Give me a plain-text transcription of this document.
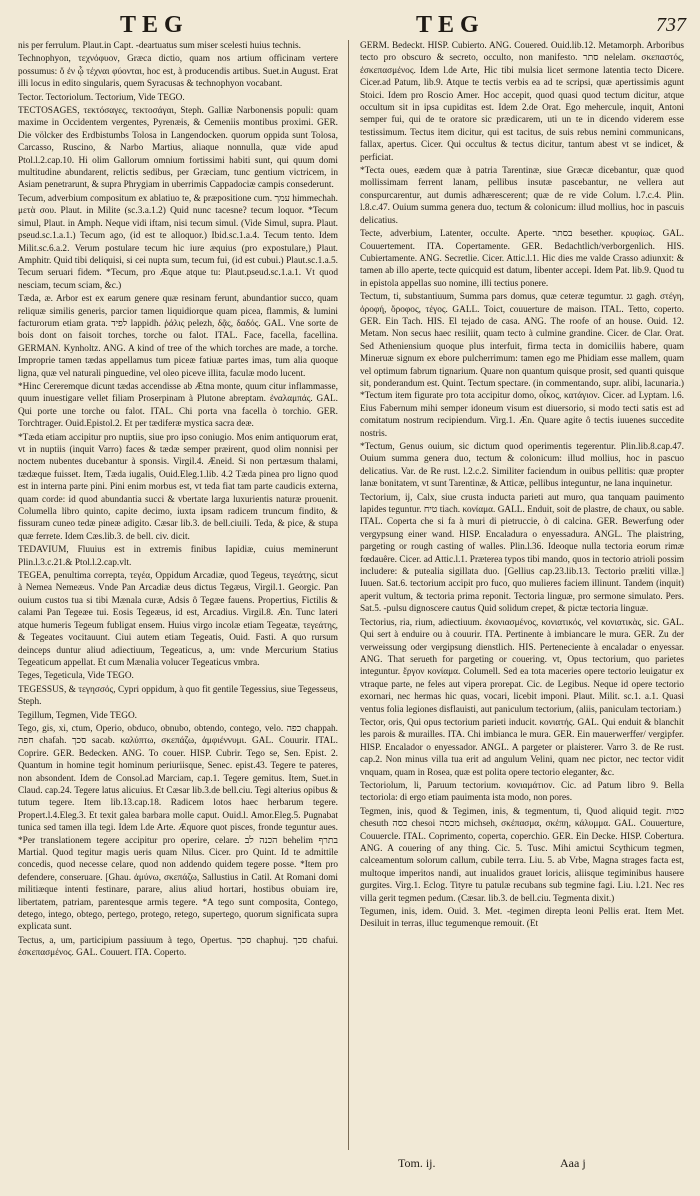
TEG	TEG	737

nis per ferrulum. Plaut.in Capt. -deartuatus sum miser scelesti huius technis.

Technophyon, τεχνόφυον, Græca dictio, quam nos artium officinam vertere possumus: ὅ ἐν ᾧ τέχναι φύονται, hoc est, à producendis artibus. Suet.in August. Erat illi locus in edito singularis, quem Syracusas & technophyon vocabant.

Tector. Tectoriolum. Tectorium, Vide TEGO.

TECTOSAGES, τεκτόσαγες, τεκτοσάγαι, Steph. Galliæ Narbonensis populi: quam maxime in Occidentem vergentes, Pyrenæis, & Cemeniis montibus proximi. GER. Die völcker des Erdbistumbs Tolosa in Langendocken. quorum oppida sunt Tolosa, Carcasso, Ruscino, & Narbo Martius, aliaque nonnulla, quæ vide apud Ptol.l.2.cap.10. Hi olim Gallorum omnium fortissimi habiti sunt, qui quum domi multitudine abundarent, relictis sedibus, per Græciam, tunc gentium victricem, in Asiam penetrarunt, & supra Phrygiam in uberrimis Cappadociæ campis consederunt.

Tecum, adverbium compositum ex ablatiuo te, & præpositione cum. עמך himmechah. μετὰ σου. Plaut. in Milite (sc.3.a.1.2) Quid nunc tacesne? tecum loquor. *Tecum simul, Plaut. in Amph. Neque vidi iftam, nisi tecum simul. (Vide Simul, supra. Plaut. pseud.sc.1.a.1.) Tecum ago, (id est te alloquor.) Ibid.sc.1.a.4. Tecum tento. Idem Milit.sc.6.a.2. Verum postulare tecum hic iure æquius (pro expostulare,) Plaut. Amphitr. Quid tibi deliquisi, si cei nupta sum, tecum fui, (id est cubui.) Plaut.sc.1.a.5. Tecum seruari fidem. *Tecum, pro Æque atque tu: Plaut.pseud.sc.1.a.1. Vt quod nesciam, tecum sciam, &c.)

Tæda, æ. Arbor est ex earum genere quæ resinam ferunt, abundantior succo, quam reliquæ similis generis, parcior tamen liquidiorque quam picea, flammis, & lumini facturorum etiam grata. לפיד lappidh. ῥάλις pelezh, δᾷς, δαδός. GAL. Vne sorte de bois dont on faisoit torches, torche ou falot. ITAL. Face, facella, facellina. GERMAN. Kynholtz. ANG. A kind of tree of the which torches are made, a torche. Improprie tamen tædas appellamus tum piceæ fatiuæ partes imas, tum alia quoque ligna, quæ vel naturali pinguedine, vel oleo piceve illita, faculæ modo lucent.

*Hinc Cereremque dicunt tædas accendisse ab Ætna monte, quum citur inflammasse, quum inuestigare vellet filiam Proserpinam à Plutone abreptam. ἐναλαμπάς. GAL. Qui porte une torche ou falot. ITAL. Chi porta vna facella ò torchio. GER. Torchtrager. Ouid.Epistol.2. Et per tædiferæ mystica sacra deæ.

*Tæda etiam accipitur pro nuptiis, siue pro ipso coniugio. Mos enim antiquorum erat, vt in nuptiis (inquit Varro) faces & tædæ semper præirent, quod olim nonnisi per noctem nubentes ducebantur à sponsis. Virgil.4. Æneid. Si non pertæsum thalami, tædæque fuisset. Item, Tæda iugalis, Ouid.Eleg.1.lib. 4.2 Tæda pinea pro ligno quod est in interna parte pini. Pini enim morbus est, vt teda fiat tam parte caudicis externa, quam corde: id quod abundantia succi & vbertate larga luxurientis naturæ prouenit. Columella libro quinto, capite decimo, iuxta ipsam radicem truncum findito, & fissuram cuneo tedæ pineæ adigito. Cæsar lib.3. de bell.ciuili. Teda, & pice, & stupa quæ ferrete. Idem Cæs.lib.3. de bell. civ. dicit.

TEDAVIUM, Fluuius est in extremis finibus Iapidiæ, cuius meminerunt Plin.l.3.c.21.& Ptol.l.2.cap.vlt.

TEGEA, penultima correpta, τεγέα, Oppidum Arcadiæ, quod Tegeus, τεγεάτης, sicut à Nemea Nemeæus. Vnde Pan Arcadiæ deus dictus Tegæus, Virgil.1. Georgic. Pan ouium custos tua si tibi Mænala curæ, Adsis ô Tegæe fauens. Propertius, Fictilis & calami Pan Tegeæe tui. Eosis Tegeæus, id est, Arcadius. Virgil.8. Æn. Tunc lateri atque humeris Tegeum fubligat ensem. Huius virgo incolæ etiam Tegeatæ, τεγεάτης, & Tegeates vocitauunt. Ciui autem etiam Tegeatis, Ouid. Fasti. A quo rursum deinceps duntur aliud adiectiuum, Tegeaticus, a, um: vnde Mercurium Statius Tegeaticum appellat. Et cum Mænalia volucer Tegeaticus vmbra.

Teges, Tegeticula, Vide TEGO.

TEGESSUS, & τεγησσός, Cypri oppidum, à quo fit gentile Tegessius, siue Tegesseus, Steph.

Tegillum, Tegmen, Vide TEGO.

Tego, gis, xi, ctum, Operio, obduco, obnubo, obtendo, contego, velo. כפה chappah. חפה chafah. סכך sacab. καλύπτω, σκεπάζω, ἀμφιέννυμι. GAL. Couurir. ITAL. Coprire. GER. Bedecken. ANG. To couer. HISP. Cubrir. Tego se, Sen. Epist. 2. Quantum in homine tegit hominum periuriisque, Senec. epist.43. Tegere te pateres, non absondent. Idem de Consol.ad Marciam, cap.1. Tegere gemitus. Item, Suet.in Claud. cap.24. Tegere latus alicuius. Et Cæsar lib.3.de bell.ciu. Tegi alterius opibus & tutum tegere. Item lib.13.cap.18. Radicem lotos haec herbarum tegere. Propert.l.4.Eleg.3. Et texit galea barbara molle caput. Ouid.l. Amor.Eleg.5. Pugnabat tunica sed tamen illa tegi. Idem l.de Arte. Æquore quot pisces, fronde teguntur aues. *Per translationem tegere accipitur pro operire, celare. הכנה לב behelim בתרף Martial. Quod tegitur magis ueris quam Nilus. Cicer. pro Quint. Id te admittile concedis, quod necesse celare, quod non addendo quidem tegere posse. *Item pro defendere, conseruare. [Ghau. ἀμύνω, σκεπάζω, Sallustius in Catil. At Romani domi militiæque intenti festinare, parare, alius aliud hortari, hostibus obuiam ire, libertatem, patriam, parentesque armis tegere. *A tego sunt composita, Contego, detego, intego, obtego, pertego, protego, retego, supertego, quorum significata supra explicata sunt.

Tectus, a, um, participium passiuum à tego, Opertus. סכך chaphuj. סכך chafui. ἐσκεπασμένος. GAL. Couuert. ITA. Coperto.

GERM. Bedeckt. HISP. Cubierto. ANG. Couered. Ouid.lib.12. Metamorph. Arboribus tecto pro obscuro & secreto, occulto, non manifesto. סתר nelelam. σκεπαστός, ἐσκεπασμένος. Idem l.de Arte, Hic tibi mulsia licet sermone latentia tecto Dicere. Cicer.ad Patum, lib.9. Atque te tectis verbis ea ad te scripsi, quæ apertissimis agunt Stoici. Idem pro Roscio Amer. Hoc accepit, quod quasi quod tectum dicitur, atque occultum sit in ipsa cupiditas est. Idem 2.de Orat. Ego mehercule, inquit, Antoni semper fui, qui de te oratore sic prædicarem, uti un te in dicendo viderem esse testissimum. Tectus item dicitur, qui est tacitus, de suis rebus nemini communicans, fallax, apertus. Cicer. Qui occultus & tectus dicitur, tantum abest vt se indicet, & perficiat.

*Tecta oues, eædem quæ à patria Tarentinæ, siue Græcæ dicebantur, quæ quod mollissimam ferrent lanam, pellibus insutæ pascebantur, ne vellera aut conspurcarentur, aut dumis adhærescerent; quæ de re vide Colum. l.7.c.4. Plin. l.8.c.47. Ouium summa genera duo, tectum & colonicum: illud mollius, hoc in pascuis delicatius.

Tecte, adverbium, Latenter, occulte. Aperte. בסתר besether. κρυφίως. GAL. Couuertement. ITA. Copertamente. GER. Bedachtlich/verborgenlich. HIS. Cubiertamente. ANG. Secretlie. Cicer. Attic.l.1. Hic dies me valde Crasso adiunxit: & tamen ab illo aperte, tecte quicquid est datum, libenter accepi. Idem Pat. lib.9. Quod tu in epistola appellas suo nomine, illi tectius ponere.

Tectum, ti, substantiuum, Summa pars domus, quæ ceteræ tegumtur. גג gagh. στέγη, ὀροφή, ὄροφος, τέγος. GALL. Toict, couuerture de maison. ITAL. Tetto, coperto. GER. Ein Tach. HIS. El tejado de casa. ANG. The roofe of an house. Ouid. 12. Metam. Non secus haec resiliit, quam tecto à culmine grandine. Cicer. de Clar. Orat. Sed Atheniensium quoque plus interfuit, firma tecta in domiciliis habere, quam Mineruæ signum ex ebore pulcherrimum: tamen ego me Phidiam esse mallem, quam vel optimum fabrum tignarium. Quare non quantum quisque prosit, sed quanti quisque sit, ponderandum est. Quint. Tectum spectare. (in commentando, supr. alibi, lacunaria.) *Tectum item figurate pro tota accipitur domo, οἶκος, κατάγιον. Cicer. ad Lyptam. l.6. Eius Fabernum mihi semper idoneum visum est diuersorio, si modo tecti satis est ad comitatum nostrum recipiendum. Virg.1. Æn. Quare agite ô tectis iuuenes succedite nostris.

*Tectum, Genus ouium, sic dictum quod operimentis tegerentur. Plin.lib.8.cap.47. Ouium summa genera duo, tectum & colonicum: illud mollius, hoc in pascuo delicatius. Var. de Re rust. l.2.c.2. Similiter faciendum in ouibus pellitis: quæ propter lanæ bonitatem, vt sunt Tarentinæ, & Atticæ, pellibus integuntur, ne lana inquinetur.

Tectorium, ij, Calx, siue crusta inducta parieti aut muro, qua tanquam pauimento lapides teguntur. טיח tiach. κονίαμα. GALL. Enduit, soit de plastre, de chaux, ou sable. ITAL. Coperta che si fa à muri di pietruccie, ò di calcina. GER. Bewerfung oder vergypsung einer wand. HISP. Encaladura o enyessadura. ANGL. The plaistring, pargeting or rough casting of walles. Plin.l.36. Ideoque nulla tectoria eorum rimæ fœdauêre. Cicer. ad Attic.l.1. Præterea typos tibi mando, quos in tectorio atrioli possim includere: & putealia sigillata duo. [Gellius cap.23.lib.13. Tectorio præliti villæ.] Iuuen. Sat.6. tectorium accipit pro fuco, quo mulieres faciem illinunt. Tandem (inquit) aperit vultum, & tectoria prima reponit. Tectoria linguæ, pro sermone simulato. Pers. Sat.5. -pulsu dignoscere cautus Quid solidum crepet, & pictæ tectoria linguæ.

Tectorius, ria, rium, adiectiuum. ἐκονιασμένος, κονιατικός, vel κονιατικὰς, sic. GAL. Qui sert à enduire ou à couurir. ITA. Pertinente à imbiancare le mura. GER. Zu der verweissung oder vergipsung dienstlich. HIS. Perteneciente à encaladar o enyessar. ANG. That serueth for pargeting or couering. vt, Opus tectorium, quo parietes integuntur. ἔργον κονίαμα. Columell. Sed ea tota maceries opere tectorio leuigatur ex vtraque parte, ne feles aut vipera prorepat. Cic. de Legibus. Neque id opere tectorio exornari, nec hermas hic quas, vocari, licebit imponi. Plaut. Milit. sc.1. a.1. Quasi ventus folia legiones disflauisti, aut paniculum tectorium, (aliis, paniculam tectoriam.)

Tector, oris, Qui opus tectorium parieti inducit. κονιατής. GAL. Qui enduit & blanchit les parois & murailles. ITA. Chi imbianca le mura. GER. Ein mauerwerffer/ vergipfer. HISP. Encalador o enyessador. ANGL. A pargeter or plaisterer. Varro 3. de Re rust. cap.2. Non minus villa tua erit ad angulum Velini, quam nec pictor, nec tector vidit vnquam, quam in Rosea, quæ est polita opere tectorio eleganter, &c.

Tectoriolum, li, Paruum tectorium. κονιαμάτιον. Cic. ad Patum libro 9. Bella tectoriola: di ergo etiam pauimenta ista modo, non pores.

Tegmen, inis, quod & Tegimen, inis, & tegmentum, ti, Quod aliquid tegit. כסות chesuth כסה chesoi מכסה michseh, σκέπασμα, σκέπη, κάλυμμα. GAL. Couuerture, Couuercle. ITAL. Coprimento, coperta, coperchio. GER. Ein Decke. HISP. Cobertura. ANG. A couering of any thing. Cic. 5. Tusc. Mihi amictui Scythicum tegmen, calceamentum solorum callum, cubile terra. Liu. 5. ab Vrbe, Magna strages facta est, multoque imperitos nandi, aut inualidos grauet loricis, aliisque tegiminibus hausere gurgites. Virg.1. Eclog. Tityre tu patulæ recubans sub tegmine fagi. Liu. l.21. Nec res villa gerit tegmen pedum. (Cæsar. lib.3. de bell.ciu. Tegmenta dixit.)

Tegumen, inis, idem. Ouid. 3. Met. -tegimen direpta leoni Pellis erat. Item Met. Desiluit in terras, illuc tegumenque remouit. (Et

Tom. ij.	Aaa j
